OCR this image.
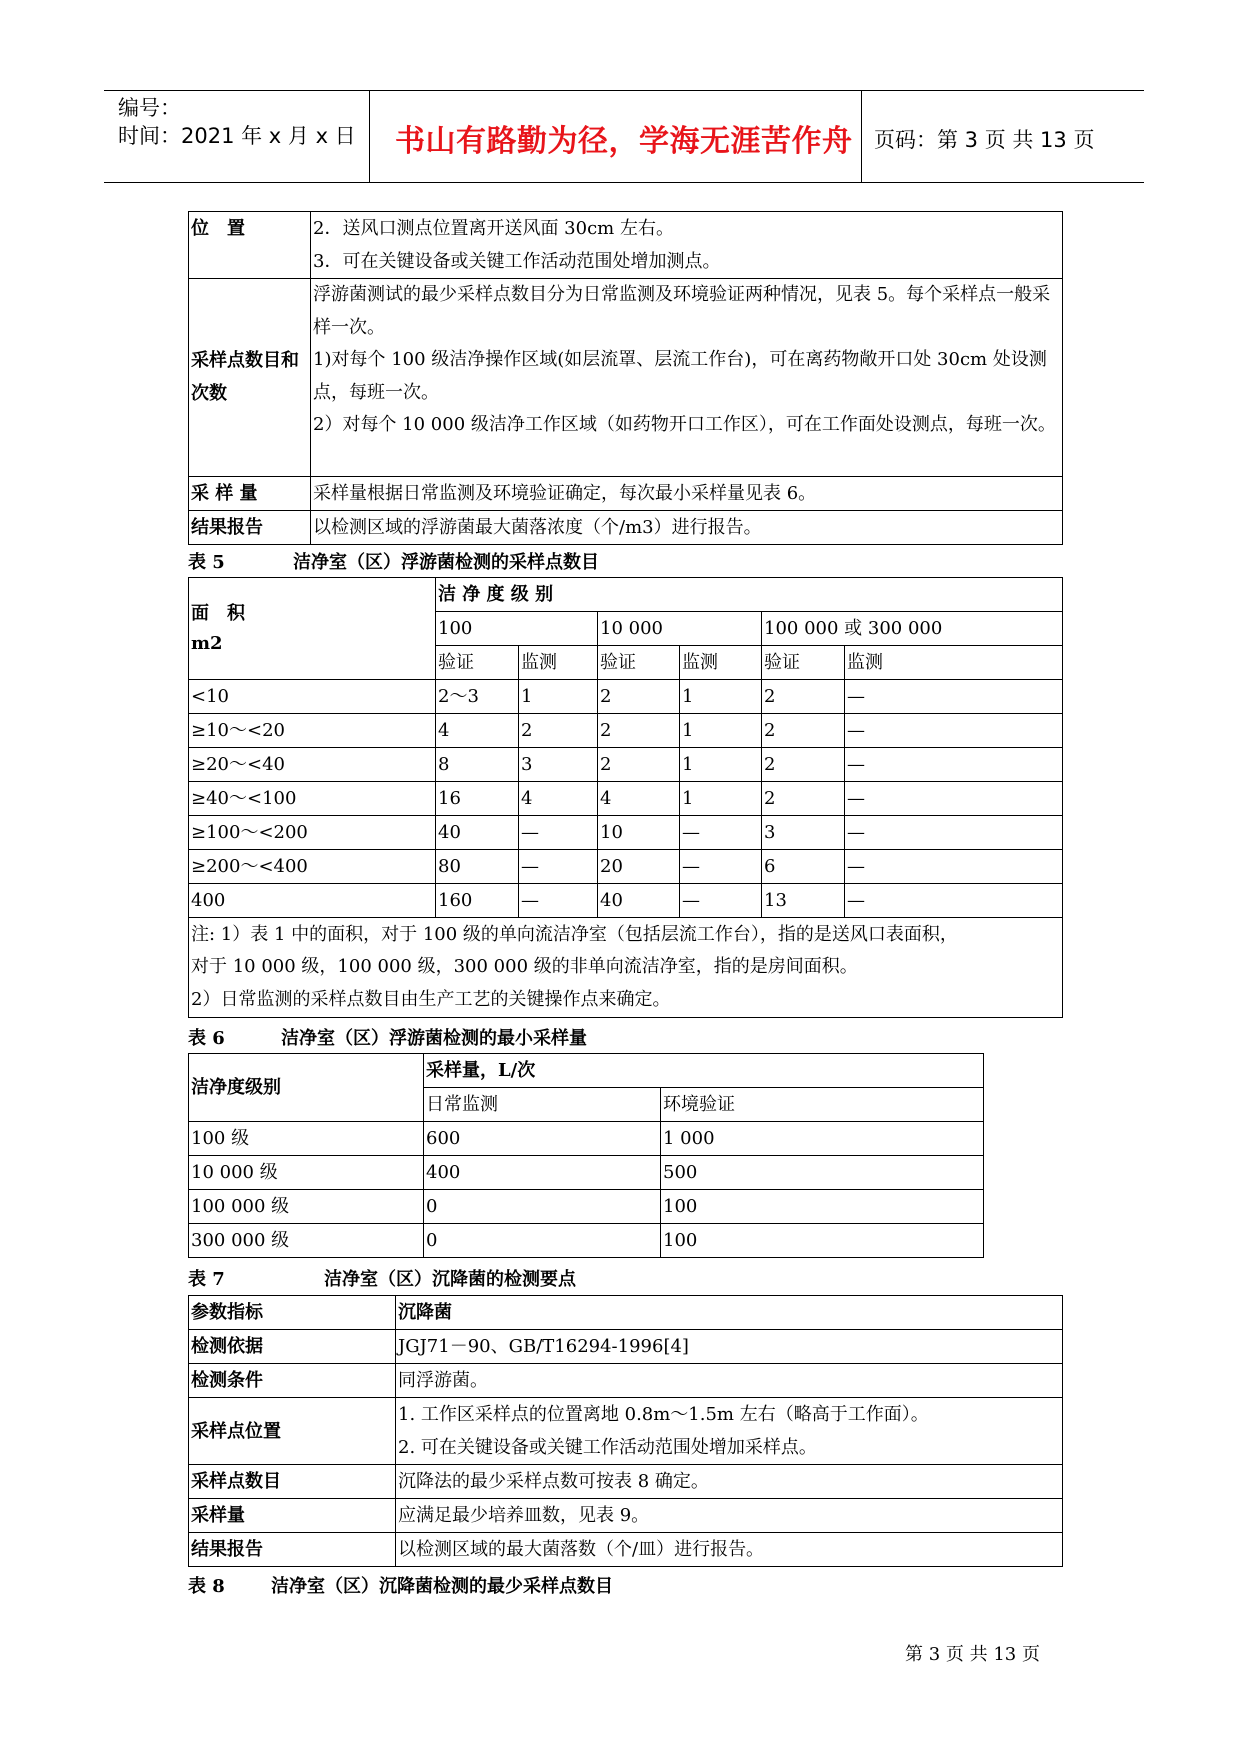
编号：
时间：2021 年 x 月 x 日 书山有路勤为径，学海无涯苦作舟 页码：第 3 页 共 13 页
位　置	2．送风口测点位置离开送风面 30cm 左右。
3．可在关键设备或关键工作活动范围处增加测点。

采样点数目和次数	浮游菌测试的最少采样点数目分为日常监测及环境验证两种情况，见表 5。每个采样点一般采样一次。
1)对每个 100 级洁净操作区域(如层流罩、层流工作台)，可在离药物敞开口处 30cm 处设测点，每班一次。
2）对每个 10 000 级洁净工作区域（如药物开口工作区），可在工作面处设测点，每班一次。

采 样 量	采样量根据日常监测及环境验证确定，每次最小采样量见表 6。
结果报告	以检测区域的浮游菌最大菌落浓度（个/m3）进行报告。
表 5	洁净室（区）浮游菌检测的采样点数目
面　积
m2	洁 净 度 级 别					
	100		10 000		100 000 或 300 000	
	验证	监测	验证	监测	验证	监测
<10	2～3	1	2	1	2	—
≥10～<20	4	2	2	1	2	—
≥20～<40	8	3	2	1	2	—
≥40～<100	16	4	4	1	2	—
≥100～<200	40	—	10	—	3	—
≥200～<400	80	—	20	—	6	—
400	160	—	40	—	13	—

注: 1）表 1 中的面积，对于 100 级的单向流洁净室（包括层流工作台），指的是送风口表面积，
对于 10 000 级，100 000 级，300 000 级的非单向流洁净室，指的是房间面积。
2）日常监测的采样点数目由生产工艺的关键操作点来确定。						
表 6	洁净室（区）浮游菌检测的最小采样量
洁净度级别	采样量，L/次	
	日常监测	环境验证
100 级	600	1 000
10 000 级	400	500
100 000 级	0	100
300 000 级	0	100
表 7	洁净室（区）沉降菌的检测要点
参数指标	沉降菌
检测依据	JGJ71－90、GB/T16294-1996[4]
检测条件	同浮游菌。
采样点位置	1. 工作区采样点的位置离地 0.8m～1.5m 左右（略高于工作面）。
2. 可在关键设备或关键工作活动范围处增加采样点。

采样点数目	沉降法的最少采样点数可按表 8 确定。
采样量	应满足最少培养皿数，见表 9。
结果报告	以检测区域的最大菌落数（个/皿）进行报告。
表 8	洁净室（区）沉降菌检测的最少采样点数目
第 3 页 共 13 页
